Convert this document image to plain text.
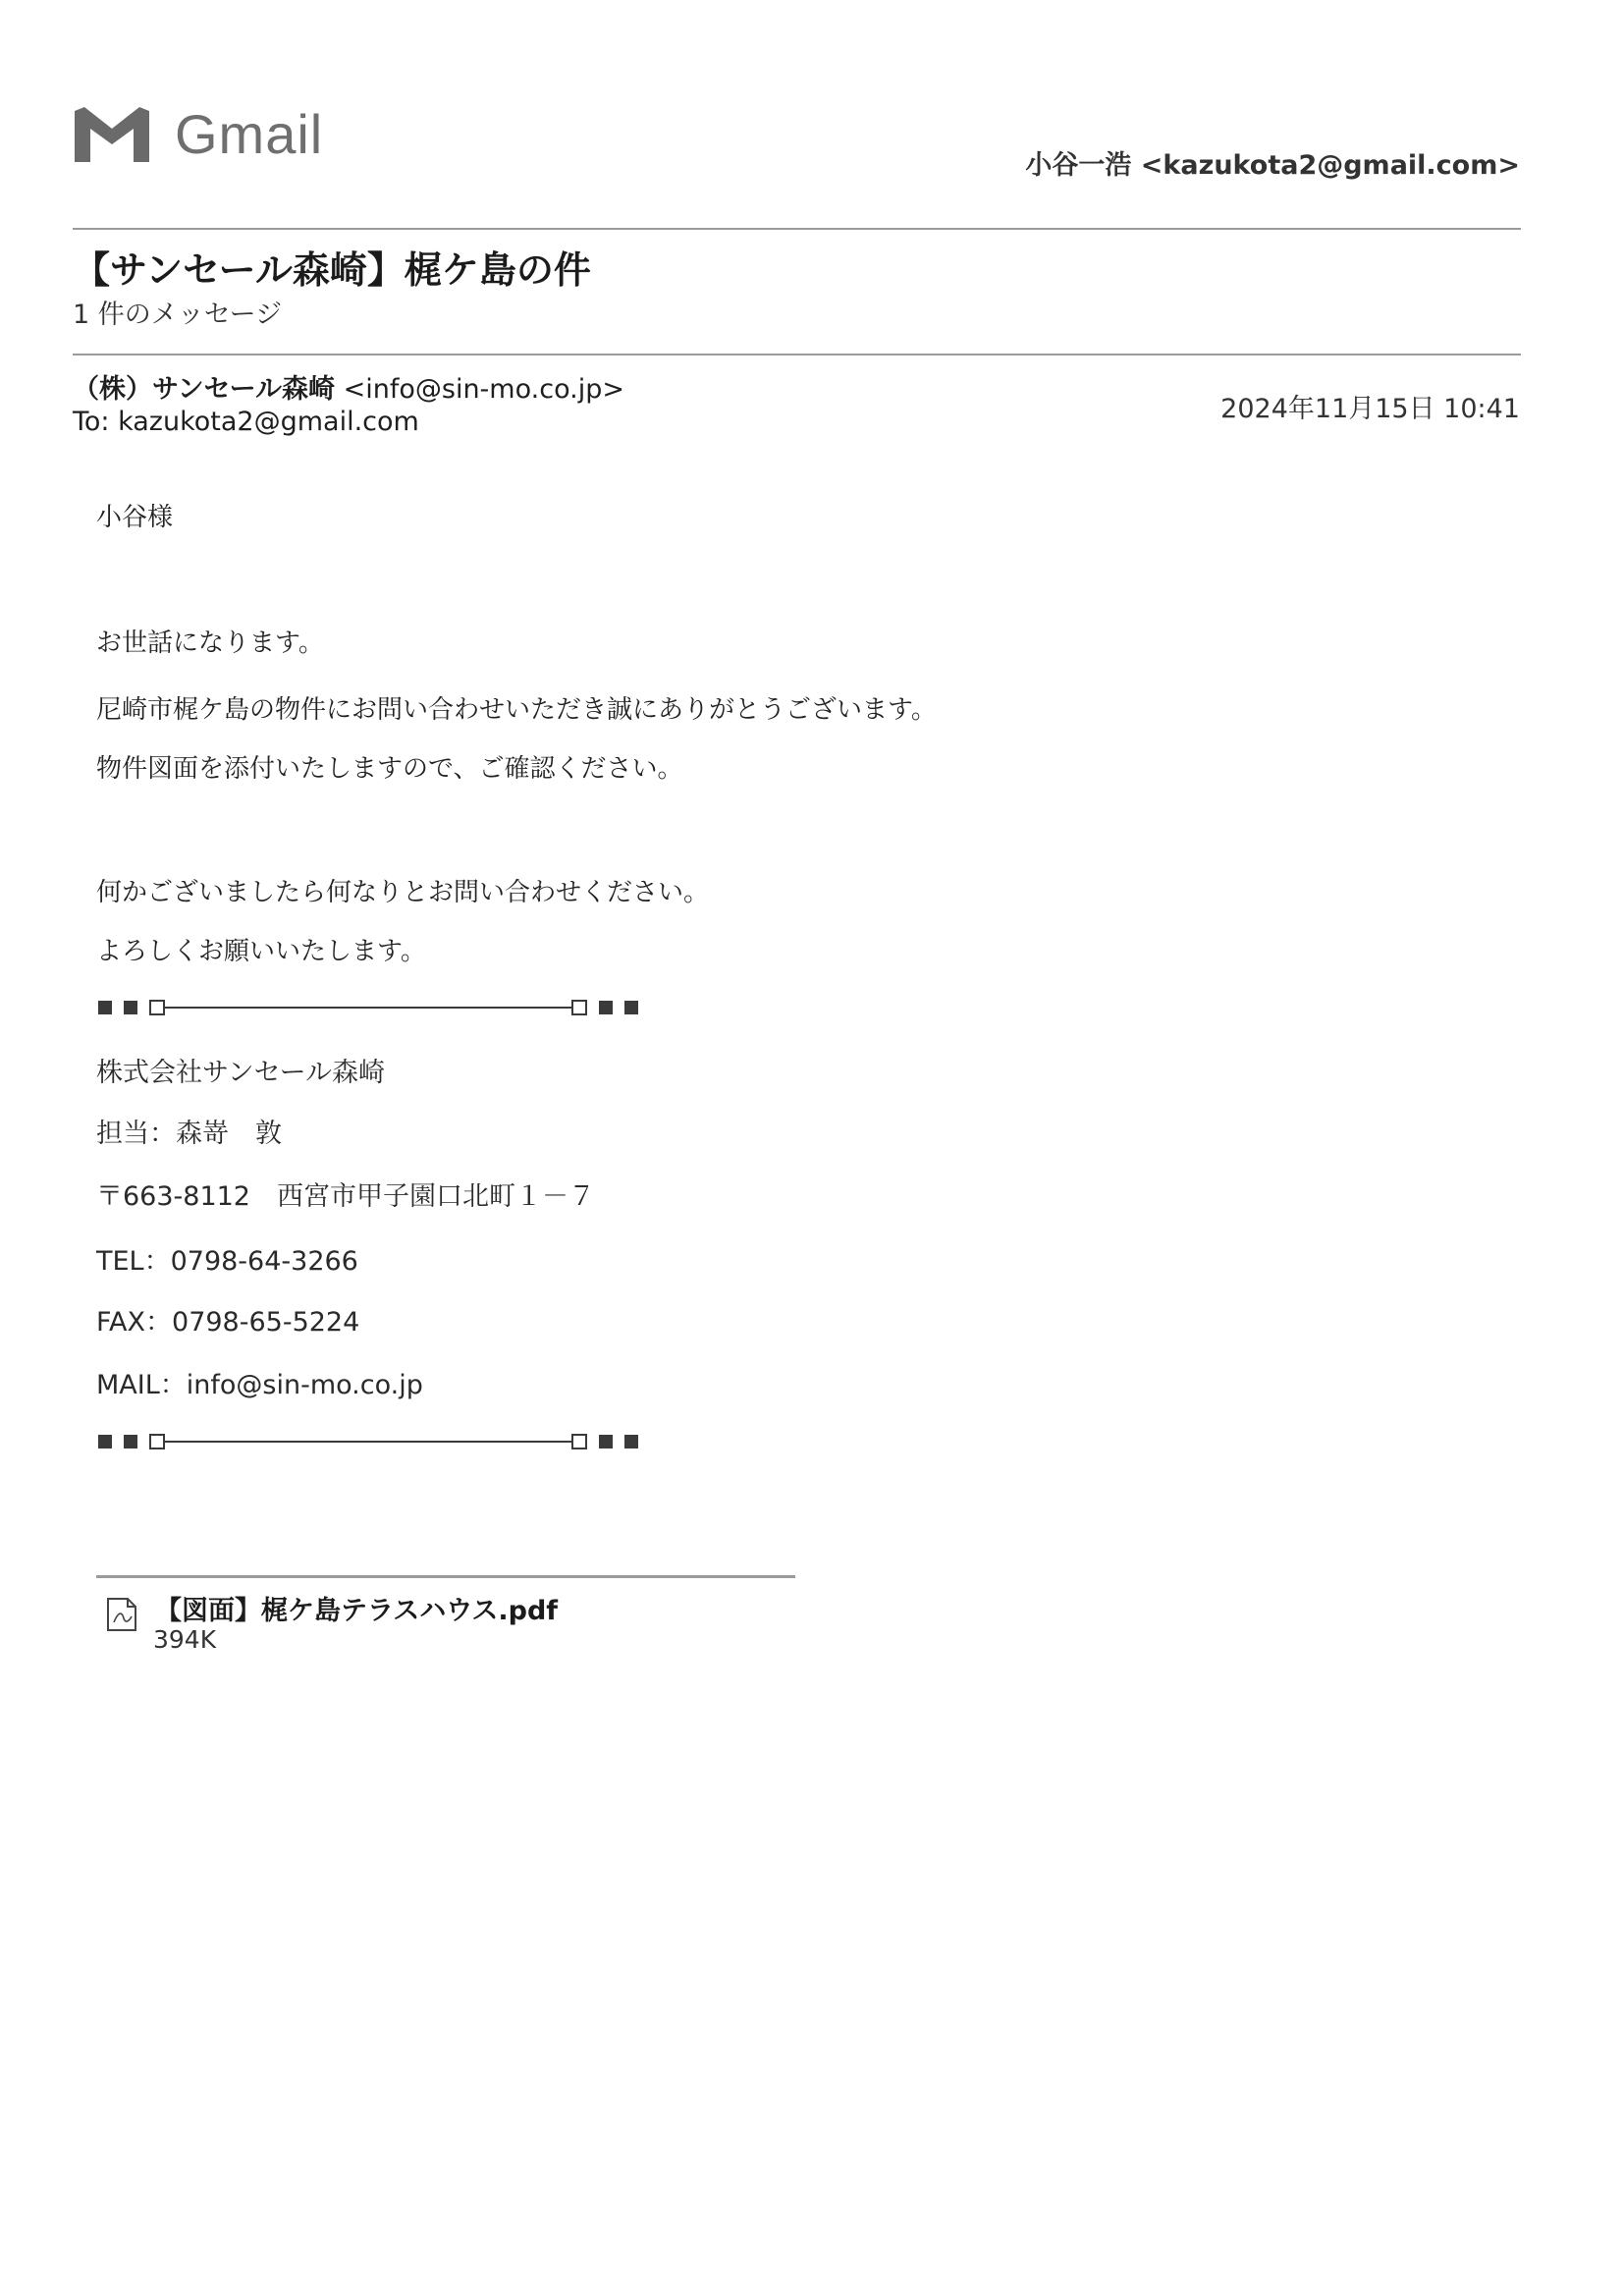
Gmail
小谷一浩 <kazukota2@gmail.com>
【サンセール森崎】梶ケ島の件
1 件のメッセージ
（株）サンセール森崎 <info@sin-mo.co.jp>
2024年11月15日 10:41
To: kazukota2@gmail.com
小谷様
お世話になります。
尼崎市梶ケ島の物件にお問い合わせいただき誠にありがとうございます。
物件図面を添付いたしますので、ご確認ください。
何かございましたら何なりとお問い合わせください。
よろしくお願いいたします。
株式会社サンセール森崎
担当：森嵜　敦
〒663-8112　西宮市甲子園口北町１－７
TEL：0798-64-3266
FAX：0798-65-5224
MAIL：info@sin-mo.co.jp
【図面】梶ケ島テラスハウス.pdf
394K
